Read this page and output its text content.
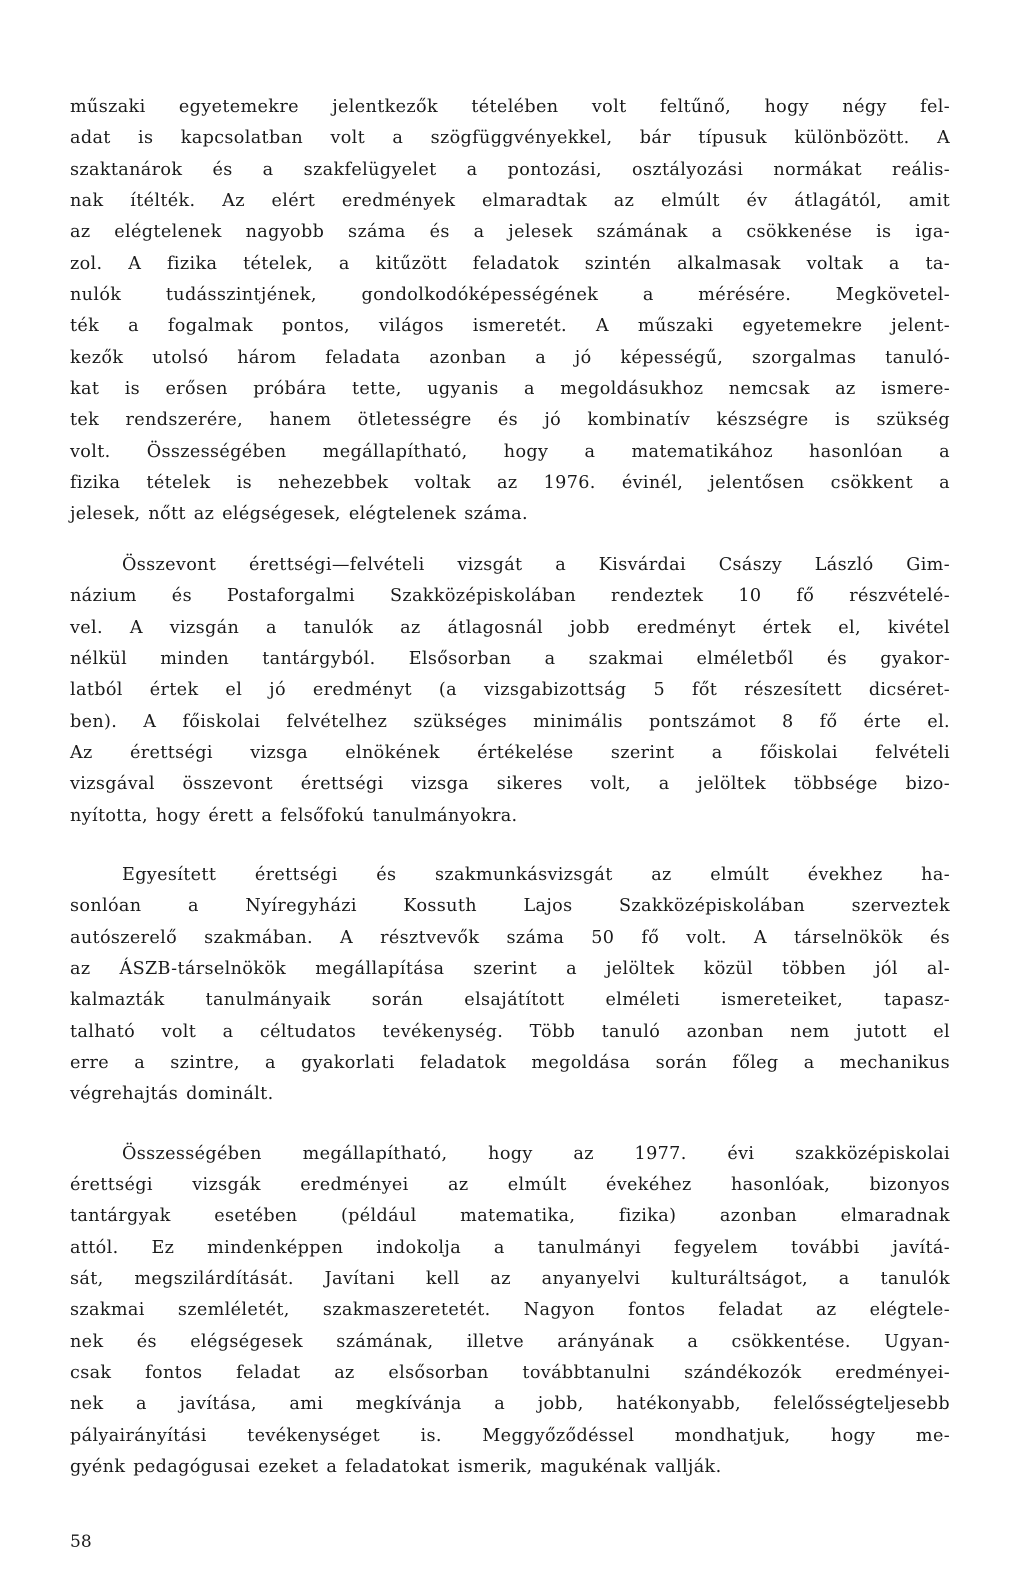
műszaki egyetemekre jelentkezők tételében volt feltűnő, hogy négy fel-
adat is kapcsolatban volt a szögfüggvényekkel, bár típusuk különbözött. A
szaktanárok és a szakfelügyelet a pontozási, osztályozási normákat reális-
nak ítélték. Az elért eredmények elmaradtak az elmúlt év átlagától, amit
az elégtelenek nagyobb száma és a jelesek számának a csökkenése is iga-
zol. A fizika tételek, a kitűzött feladatok szintén alkalmasak voltak a ta-
nulók tudásszintjének, gondolkodóképességének a mérésére. Megkövetel-
ték a fogalmak pontos, világos ismeretét. A műszaki egyetemekre jelent-
kezők utolsó három feladata azonban a jó képességű, szorgalmas tanuló-
kat is erősen próbára tette, ugyanis a megoldásukhoz nemcsak az ismere-
tek rendszerére, hanem ötletességre és jó kombinatív készségre is szükség
volt. Összességében megállapítható, hogy a matematikához hasonlóan a
fizika tételek is nehezebbek voltak az 1976. évinél, jelentősen csökkent a
jelesek, nőtt az elégségesek, elégtelenek száma.
Összevont érettségi—felvételi vizsgát a Kisvárdai Császy László Gim-
názium és Postaforgalmi Szakközépiskolában rendeztek 10 fő részvételé-
vel. A vizsgán a tanulók az átlagosnál jobb eredményt értek el, kivétel
nélkül minden tantárgyból. Elsősorban a szakmai elméletből és gyakor-
latból értek el jó eredményt (a vizsgabizottság 5 főt részesített dicséret-
ben). A főiskolai felvételhez szükséges minimális pontszámot 8 fő érte el.
Az érettségi vizsga elnökének értékelése szerint a főiskolai felvételi
vizsgával összevont érettségi vizsga sikeres volt, a jelöltek többsége bizo-
nyította, hogy érett a felsőfokú tanulmányokra.
Egyesített érettségi és szakmunkásvizsgát az elmúlt évekhez ha-
sonlóan a Nyíregyházi Kossuth Lajos Szakközépiskolában szerveztek
autószerelő szakmában. A résztvevők száma 50 fő volt. A társelnökök és
az ÁSZB-társelnökök megállapítása szerint a jelöltek közül többen jól al-
kalmazták tanulmányaik során elsajátított elméleti ismereteiket, tapasz-
talható volt a céltudatos tevékenység. Több tanuló azonban nem jutott el
erre a szintre, a gyakorlati feladatok megoldása során főleg a mechanikus
végrehajtás dominált.
Összességében megállapítható, hogy az 1977. évi szakközépiskolai
érettségi vizsgák eredményei az elmúlt évekéhez hasonlóak, bizonyos
tantárgyak esetében (például matematika, fizika) azonban elmaradnak
attól. Ez mindenképpen indokolja a tanulmányi fegyelem további javítá-
sát, megszilárdítását. Javítani kell az anyanyelvi kulturáltságot, a tanulók
szakmai szemléletét, szakmaszeretetét. Nagyon fontos feladat az elégtele-
nek és elégségesek számának, illetve arányának a csökkentése. Ugyan-
csak fontos feladat az elsősorban továbbtanulni szándékozók eredményei-
nek a javítása, ami megkívánja a jobb, hatékonyabb, felelősségteljesebb
pályairányítási tevékenységet is. Meggyőződéssel mondhatjuk, hogy me-
gyénk pedagógusai ezeket a feladatokat ismerik, magukénak vallják.
58
